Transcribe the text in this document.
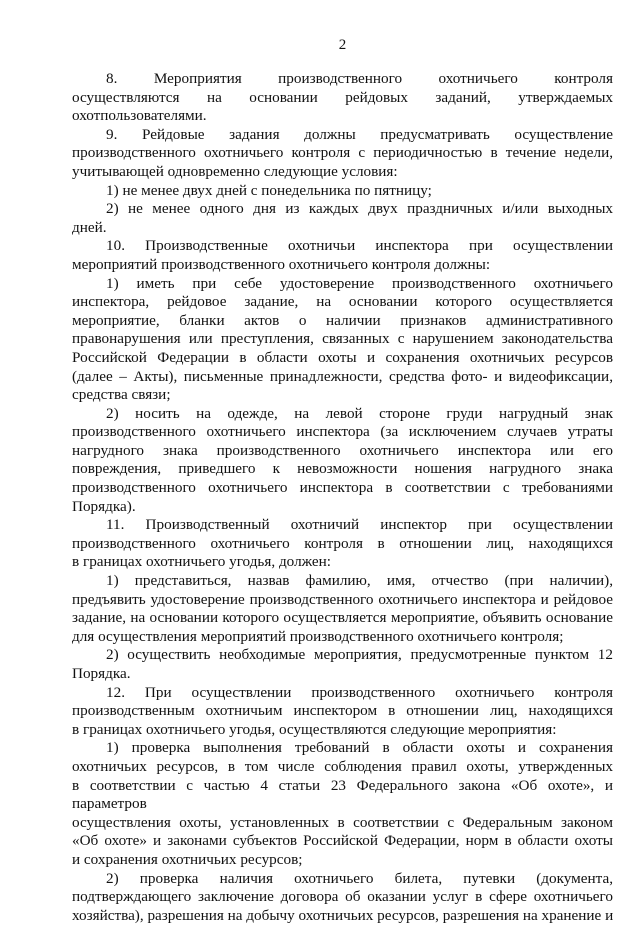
2
8. Мероприятия производственного охотничьего контроля
осуществляются на основании рейдовых заданий, утверждаемых
охотпользователями.
9. Рейдовые задания должны предусматривать осуществление
производственного охотничьего контроля с периодичностью в течение недели,
учитывающей одновременно следующие условия:
1) не менее двух дней с понедельника по пятницу;
2) не менее одного дня из каждых двух праздничных и/или выходных
дней.
10. Производственные охотничьи инспектора при осуществлении
мероприятий производственного охотничьего контроля должны:
1) иметь при себе удостоверение производственного охотничьего
инспектора, рейдовое задание, на основании которого осуществляется
мероприятие, бланки актов о наличии признаков административного
правонарушения или преступления, связанных с нарушением законодательства
Российской Федерации в области охоты и сохранения охотничьих ресурсов
(далее – Акты), письменные принадлежности, средства фото- и видеофиксации,
средства связи;
2) носить на одежде, на левой стороне груди нагрудный знак
производственного охотничьего инспектора (за исключением случаев утраты
нагрудного знака производственного охотничьего инспектора или его
повреждения, приведшего к невозможности ношения нагрудного знака
производственного охотничьего инспектора в соответствии с требованиями
Порядка).
11. Производственный охотничий инспектор при осуществлении
производственного охотничьего контроля в отношении лиц, находящихся
в границах охотничьего угодья, должен:
1) представиться, назвав фамилию, имя, отчество (при наличии),
предъявить удостоверение производственного охотничьего инспектора и рейдовое
задание, на основании которого осуществляется мероприятие, объявить основание
для осуществления мероприятий производственного охотничьего контроля;
2) осуществить необходимые мероприятия, предусмотренные пунктом 12
Порядка.
12. При осуществлении производственного охотничьего контроля
производственным охотничьим инспектором в отношении лиц, находящихся
в границах охотничьего угодья, осуществляются следующие мероприятия:
1) проверка выполнения требований в области охоты и сохранения
охотничьих ресурсов, в том числе соблюдения правил охоты, утвержденных
в соответствии с частью 4 статьи 23 Федерального закона «Об охоте», и параметров
осуществления охоты, установленных в соответствии с Федеральным законом
«Об охоте» и законами субъектов Российской Федерации, норм в области охоты
и сохранения охотничьих ресурсов;
2) проверка наличия охотничьего билета, путевки (документа,
подтверждающего заключение договора об оказании услуг в сфере охотничьего
хозяйства), разрешения на добычу охотничьих ресурсов, разрешения на хранение и
